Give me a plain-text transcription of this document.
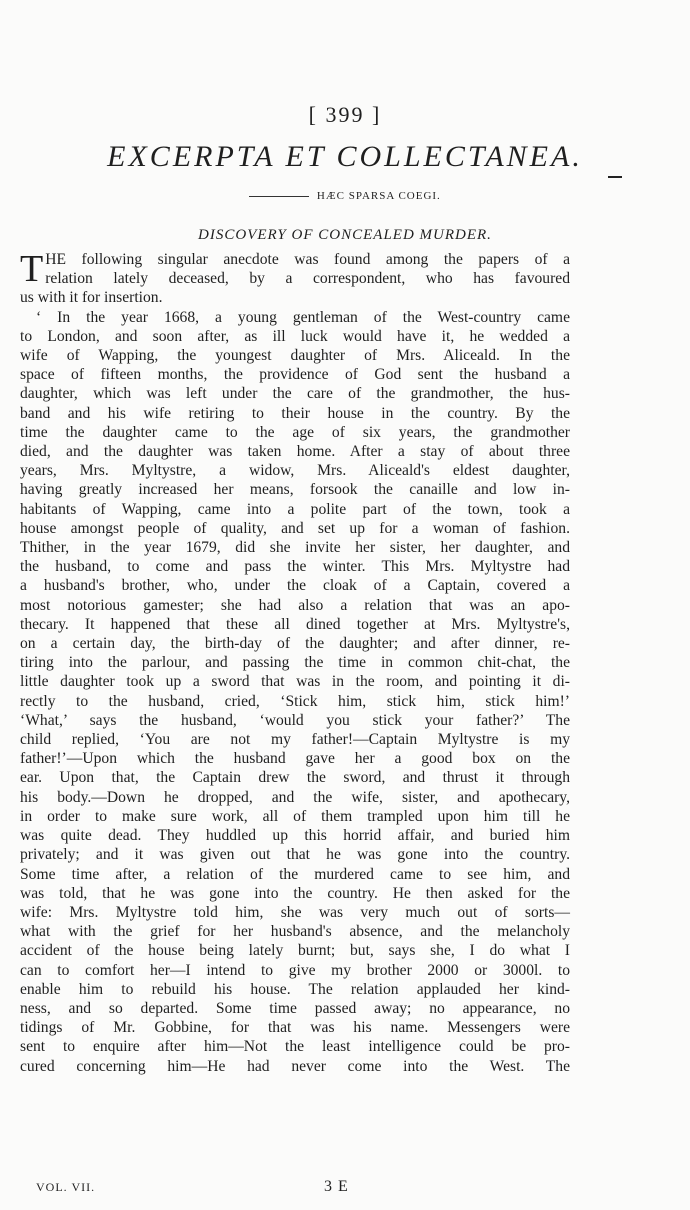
[ 399 ]
EXCERPTA ET COLLECTANEA.
HÆC SPARSA COEGI.
DISCOVERY OF CONCEALED MURDER.
T HE following singular anecdote was found among the papers of a
relation lately deceased, by a correspondent, who has favoured
us with it for insertion.
‘ In the year 1668, a young gentleman of the West-country came
to London, and soon after, as ill luck would have it, he wedded a
wife of Wapping, the youngest daughter of Mrs. Aliceald. In the
space of fifteen months, the providence of God sent the husband a
daughter, which was left under the care of the grandmother, the hus-
band and his wife retiring to their house in the country. By the
time the daughter came to the age of six years, the grandmother
died, and the daughter was taken home. After a stay of about three
years, Mrs. Myltystre, a widow, Mrs. Aliceald's eldest daughter,
having greatly increased her means, forsook the canaille and low in-
habitants of Wapping, came into a polite part of the town, took a
house amongst people of quality, and set up for a woman of fashion.
Thither, in the year 1679, did she invite her sister, her daughter, and
the husband, to come and pass the winter. This Mrs. Myltystre had
a husband's brother, who, under the cloak of a Captain, covered a
most notorious gamester; she had also a relation that was an apo-
thecary. It happened that these all dined together at Mrs. Myltystre's,
on a certain day, the birth-day of the daughter; and after dinner, re-
tiring into the parlour, and passing the time in common chit-chat, the
little daughter took up a sword that was in the room, and pointing it di-
rectly to the husband, cried, ‘Stick him, stick him, stick him!’
‘What,’ says the husband, ‘would you stick your father?’ The
child replied, ‘You are not my father!—Captain Myltystre is my
father!’—Upon which the husband gave her a good box on the
ear. Upon that, the Captain drew the sword, and thrust it through
his body.—Down he dropped, and the wife, sister, and apothecary,
in order to make sure work, all of them trampled upon him till he
was quite dead. They huddled up this horrid affair, and buried him
privately; and it was given out that he was gone into the country.
Some time after, a relation of the murdered came to see him, and
was told, that he was gone into the country. He then asked for the
wife: Mrs. Myltystre told him, she was very much out of sorts—
what with the grief for her husband's absence, and the melancholy
accident of the house being lately burnt; but, says she, I do what I
can to comfort her—I intend to give my brother 2000 or 3000l. to
enable him to rebuild his house. The relation applauded her kind-
ness, and so departed. Some time passed away; no appearance, no
tidings of Mr. Gobbine, for that was his name. Messengers were
sent to enquire after him—Not the least intelligence could be pro-
cured concerning him—He had never come into the West. The
VOL. VII.	3 E
